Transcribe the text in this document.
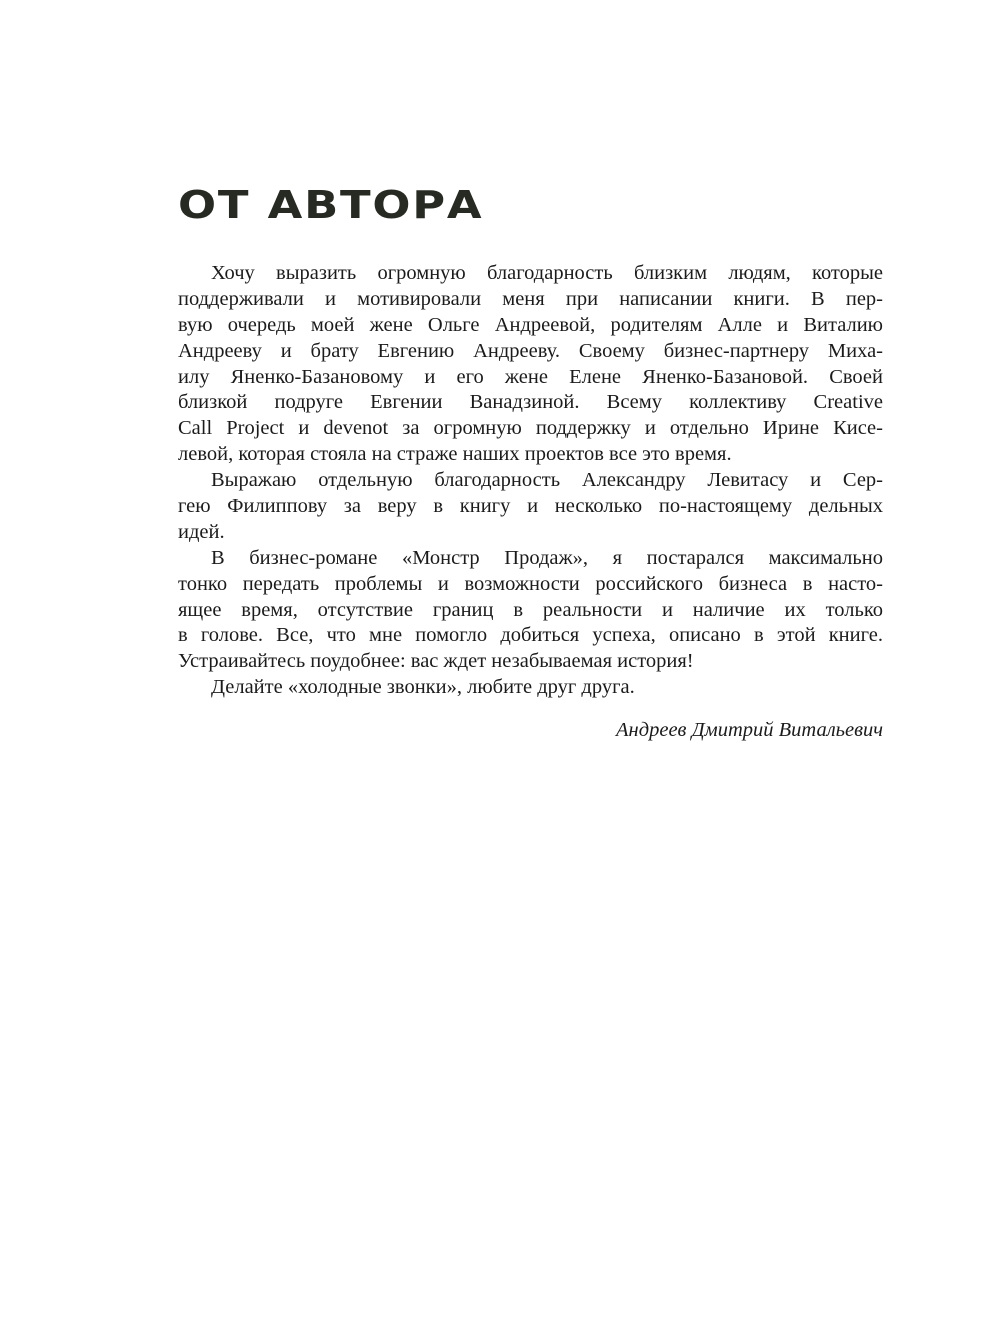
ОТ АВТОРА
Хочу выразить огромную благодарность близким людям, которые
поддерживали и мотивировали меня при написании книги. В пер-
вую очередь моей жене Ольге Андреевой, родителям Алле и Виталию
Андрееву и брату Евгению Андрееву. Своему бизнес-партнеру Миха-
илу Яненко-Базановому и его жене Елене Яненко-Базановой. Своей
близкой подруге Евгении Ванадзиной. Всему коллективу Creative
Call Project и devenot за огромную поддержку и отдельно Ирине Кисе-
левой, которая стояла на страже наших проектов все это время.
Выражаю отдельную благодарность Александру Левитасу и Сер-
гею Филиппову за веру в книгу и несколько по-настоящему дельных
идей.
В бизнес-романе «Монстр Продаж», я постарался максимально
тонко передать проблемы и возможности российского бизнеса в насто-
ящее время, отсутствие границ в реальности и наличие их только
в голове. Все, что мне помогло добиться успеха, описано в этой книге.
Устраивайтесь поудобнее: вас ждет незабываемая история!
Делайте «холодные звонки», любите друг друга.
Андреев Дмитрий Витальевич
